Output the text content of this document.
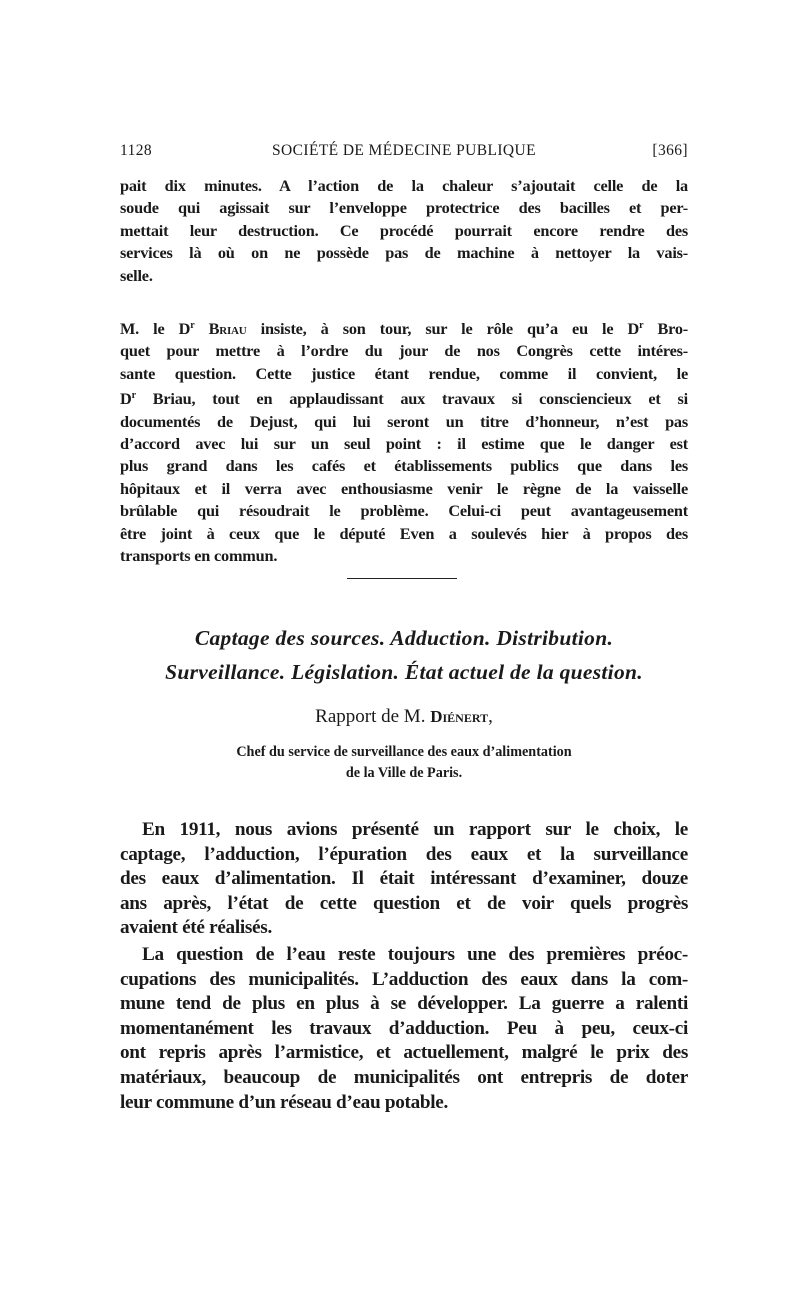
1128	SOCIÉTÉ DE MÉDECINE PUBLIQUE	[366]
pait dix minutes. A l’action de la chaleur s’ajoutait celle de la
soude qui agissait sur l’enveloppe protectrice des bacilles et per-
mettait leur destruction. Ce procédé pourrait encore rendre des
services là où on ne possède pas de machine à nettoyer la vais-
selle.
M. le $D^r$ Briau insiste, à son tour, sur le rôle qu’a eu le $D^r$ Bro-
quet pour mettre à l’ordre du jour de nos Congrès cette intéres-
sante question. Cette justice étant rendue, comme il convient, le
$D^r$ Briau, tout en applaudissant aux travaux si consciencieux et si
documentés de Dejust, qui lui seront un titre d’honneur, n’est pas
d’accord avec lui sur un seul point : il estime que le danger est
plus grand dans les cafés et établissements publics que dans les
hôpitaux et il verra avec enthousiasme venir le règne de la vaisselle
brûlable qui résoudrait le problème. Celui-ci peut avantageusement
être joint à ceux que le député Even a soulevés hier à propos des
transports en commun.
Captage des sources. Adduction. Distribution.
Surveillance. Législation. État actuel de la question.
Rapport de M. Diénert,
Chef du service de surveillance des eaux d’alimentation
de la Ville de Paris.
En 1911, nous avions présenté un rapport sur le choix, le
captage, l’adduction, l’épuration des eaux et la surveillance
des eaux d’alimentation. Il était intéressant d’examiner, douze
ans après, l’état de cette question et de voir quels progrès
avaient été réalisés.
La question de l’eau reste toujours une des premières préoc-
cupations des municipalités. L’adduction des eaux dans la com-
mune tend de plus en plus à se développer. La guerre a ralenti
momentanément les travaux d’adduction. Peu à peu, ceux-ci
ont repris après l’armistice, et actuellement, malgré le prix des
matériaux, beaucoup de municipalités ont entrepris de doter
leur commune d’un réseau d’eau potable.
